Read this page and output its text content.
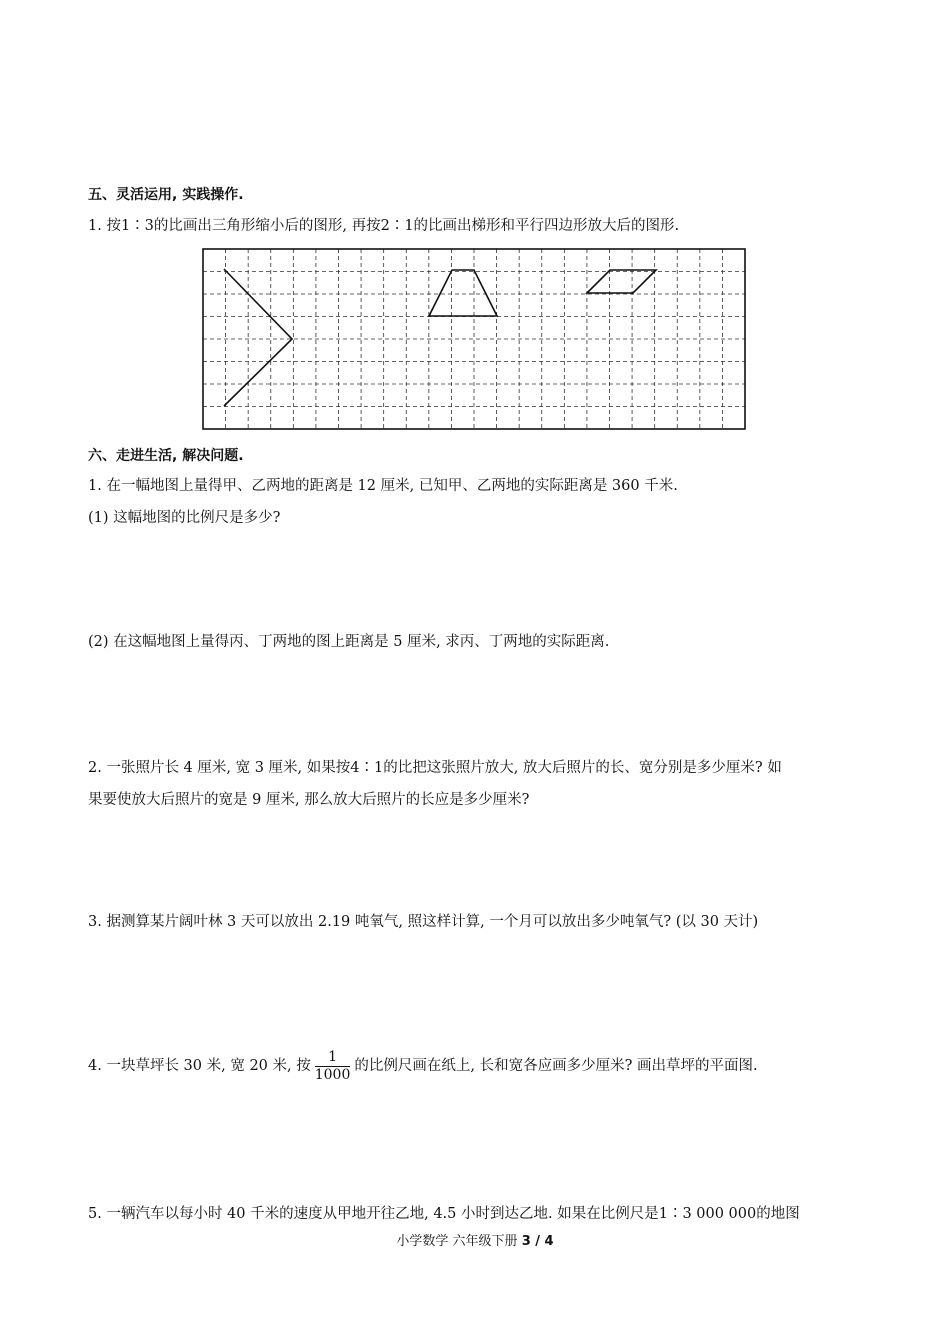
五、灵活运用, 实践操作.
1. 按1∶3的比画出三角形缩小后的图形, 再按2∶1的比画出梯形和平行四边形放大后的图形.
六、走进生活, 解决问题.
1. 在一幅地图上量得甲、乙两地的距离是 12 厘米, 已知甲、乙两地的实际距离是 360 千米.
(1) 这幅地图的比例尺是多少?
(2) 在这幅地图上量得丙、丁两地的图上距离是 5 厘米, 求丙、丁两地的实际距离.
2. 一张照片长 4 厘米, 宽 3 厘米, 如果按4∶1的比把这张照片放大, 放大后照片的长、宽分别是多少厘米? 如
果要使放大后照片的宽是 9 厘米, 那么放大后照片的长应是多少厘米?
3. 据测算某片阔叶林 3 天可以放出 2.19 吨氧气, 照这样计算, 一个月可以放出多少吨氧气? (以 30 天计)
4. 一块草坪长 30 米, 宽 20 米, 按 $\frac{1}{1000}$ 的比例尺画在纸上, 长和宽各应画多少厘米? 画出草坪的平面图.
5. 一辆汽车以每小时 40 千米的速度从甲地开往乙地, 4.5 小时到达乙地. 如果在比例尺是1∶3 000 000的地图
小学数学 六年级下册 3 / 4
